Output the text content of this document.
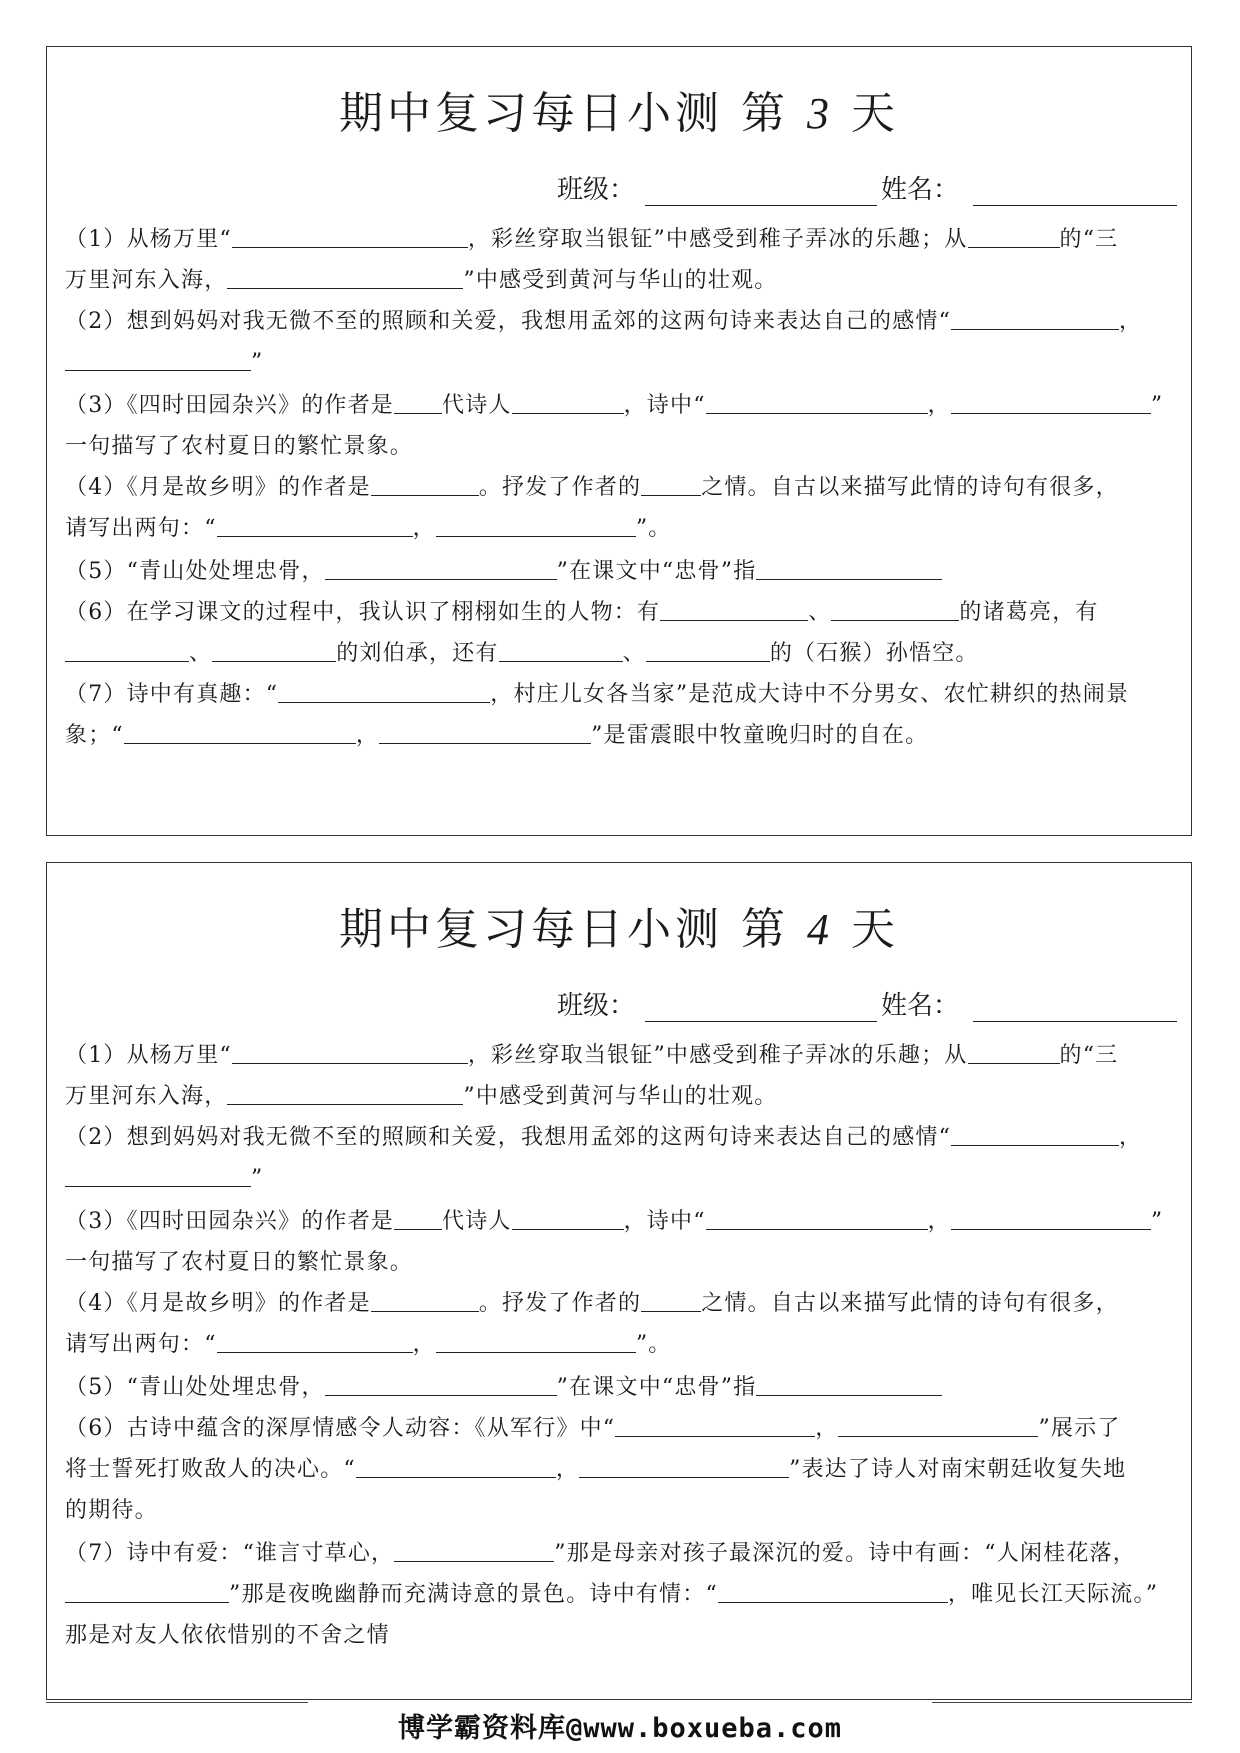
期中复习每日小测 第 3 天
班级：	姓名：
（1）从杨万里“	，彩丝穿取当银钲”中感受到稚子弄冰的乐趣；从	的“三
万里河东入海，	”中感受到黄河与华山的壮观。
（2）想到妈妈对我无微不至的照顾和关爱，我想用孟郊的这两句诗来表达自己的感情“	，
”
（3）《四时田园杂兴》的作者是 代诗人	，诗中“	，	”
一句描写了农村夏日的繁忙景象。
（4）《月是故乡明》的作者是	。抒发了作者的	之情。自古以来描写此情的诗句有很多，
请写出两句：“	，	”。
（5）“青山处处埋忠骨，	”在课文中“忠骨”指
（6）在学习课文的过程中，我认识了栩栩如生的人物：有	、	的诸葛亮，有
、	的刘伯承，还有	、	的（石猴）孙悟空。
（7）诗中有真趣：“	，村庄儿女各当家”是范成大诗中不分男女、农忙耕织的热闹景
象；“	，	”是雷震眼中牧童晚归时的自在。
期中复习每日小测 第 4 天
班级：	姓名：
（1）从杨万里“	，彩丝穿取当银钲”中感受到稚子弄冰的乐趣；从	的“三
万里河东入海，	”中感受到黄河与华山的壮观。
（2）想到妈妈对我无微不至的照顾和关爱，我想用孟郊的这两句诗来表达自己的感情“	，
”
（3）《四时田园杂兴》的作者是 代诗人	，诗中“	，	”
一句描写了农村夏日的繁忙景象。
（4）《月是故乡明》的作者是	。抒发了作者的	之情。自古以来描写此情的诗句有很多，
请写出两句：“	，	”。
（5）“青山处处埋忠骨，	”在课文中“忠骨”指
（6）古诗中蕴含的深厚情感令人动容：《从军行》中“	，	”展示了
将士誓死打败敌人的决心。“	，	”表达了诗人对南宋朝廷收复失地
的期待。
（7）诗中有爱：“谁言寸草心，	”那是母亲对孩子最深沉的爱。诗中有画：“人闲桂花落，
”那是夜晚幽静而充满诗意的景色。诗中有情：“	，唯见长江天际流。”
那是对友人依依惜别的不舍之情
博学霸资料库@www.boxueba.com
